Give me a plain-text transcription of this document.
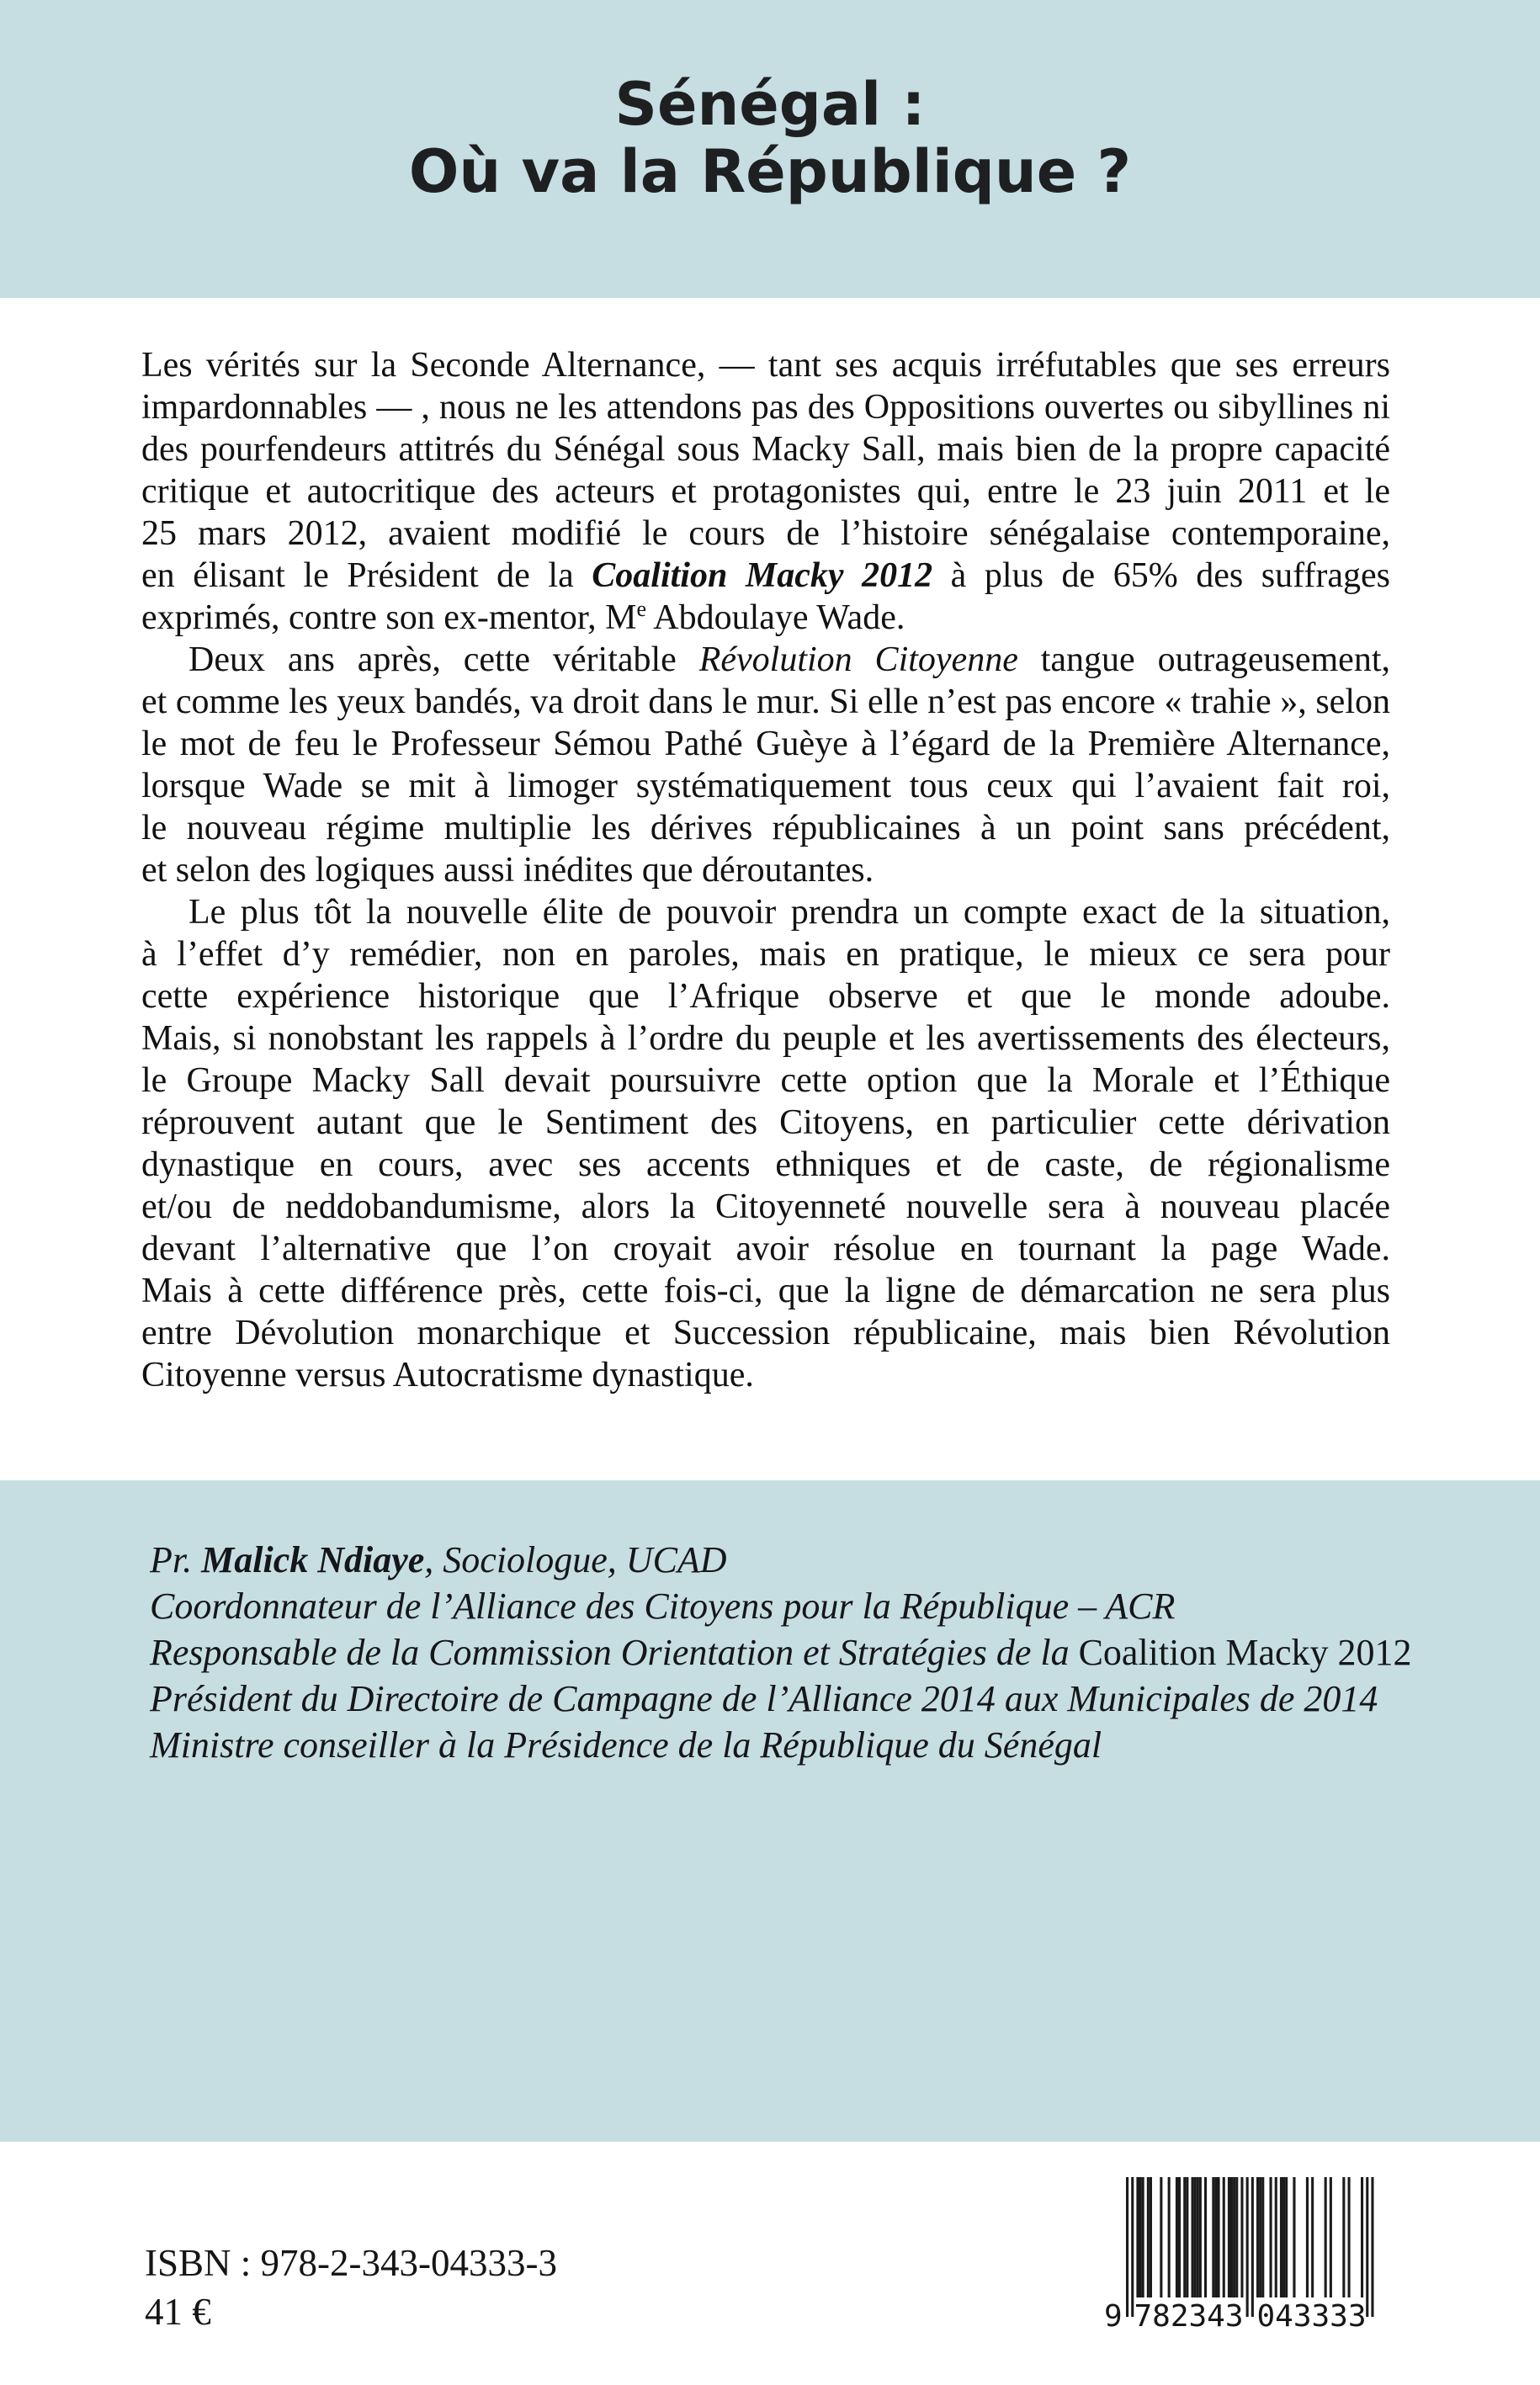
Sénégal :
Où va la République ?
Les vérités sur la Seconde Alternance, — tant ses acquis irréfutables que ses erreurs
impardonnables — , nous ne les attendons pas des Oppositions ouvertes ou sibyllines ni
des pourfendeurs attitrés du Sénégal sous Macky Sall, mais bien de la propre capacité
critique et autocritique des acteurs et protagonistes qui, entre le 23 juin 2011 et le
25 mars 2012, avaient modifié le cours de l’histoire sénégalaise contemporaine,
en élisant le Président de la Coalition Macky 2012 à plus de 65% des suffrages
exprimés, contre son ex-mentor, Me Abdoulaye Wade.
Deux ans après, cette véritable Révolution Citoyenne tangue outrageusement,
et comme les yeux bandés, va droit dans le mur. Si elle n’est pas encore « trahie », selon
le mot de feu le Professeur Sémou Pathé Guèye à l’égard de la Première Alternance,
lorsque Wade se mit à limoger systématiquement tous ceux qui l’avaient fait roi,
le nouveau régime multiplie les dérives républicaines à un point sans précédent,
et selon des logiques aussi inédites que déroutantes.
Le plus tôt la nouvelle élite de pouvoir prendra un compte exact de la situation,
à l’effet d’y remédier, non en paroles, mais en pratique, le mieux ce sera pour
cette expérience historique que l’Afrique observe et que le monde adoube.
Mais, si nonobstant les rappels à l’ordre du peuple et les avertissements des électeurs,
le Groupe Macky Sall devait poursuivre cette option que la Morale et l’Éthique
réprouvent autant que le Sentiment des Citoyens, en particulier cette dérivation
dynastique en cours, avec ses accents ethniques et de caste, de régionalisme
et/ou de neddobandumisme, alors la Citoyenneté nouvelle sera à nouveau placée
devant l’alternative que l’on croyait avoir résolue en tournant la page Wade.
Mais à cette différence près, cette fois-ci, que la ligne de démarcation ne sera plus
entre Dévolution monarchique et Succession républicaine, mais bien Révolution
Citoyenne versus Autocratisme dynastique.
Pr. Malick Ndiaye, Sociologue, UCAD
Coordonnateur de l’Alliance des Citoyens pour la République – ACR
Responsable de la Commission Orientation et Stratégies de la Coalition Macky 2012
Président du Directoire de Campagne de l’Alliance 2014 aux Municipales de 2014
Ministre conseiller à la Présidence de la République du Sénégal
ISBN : 978-2-343-04333-3
41 €	9 782343 043333
